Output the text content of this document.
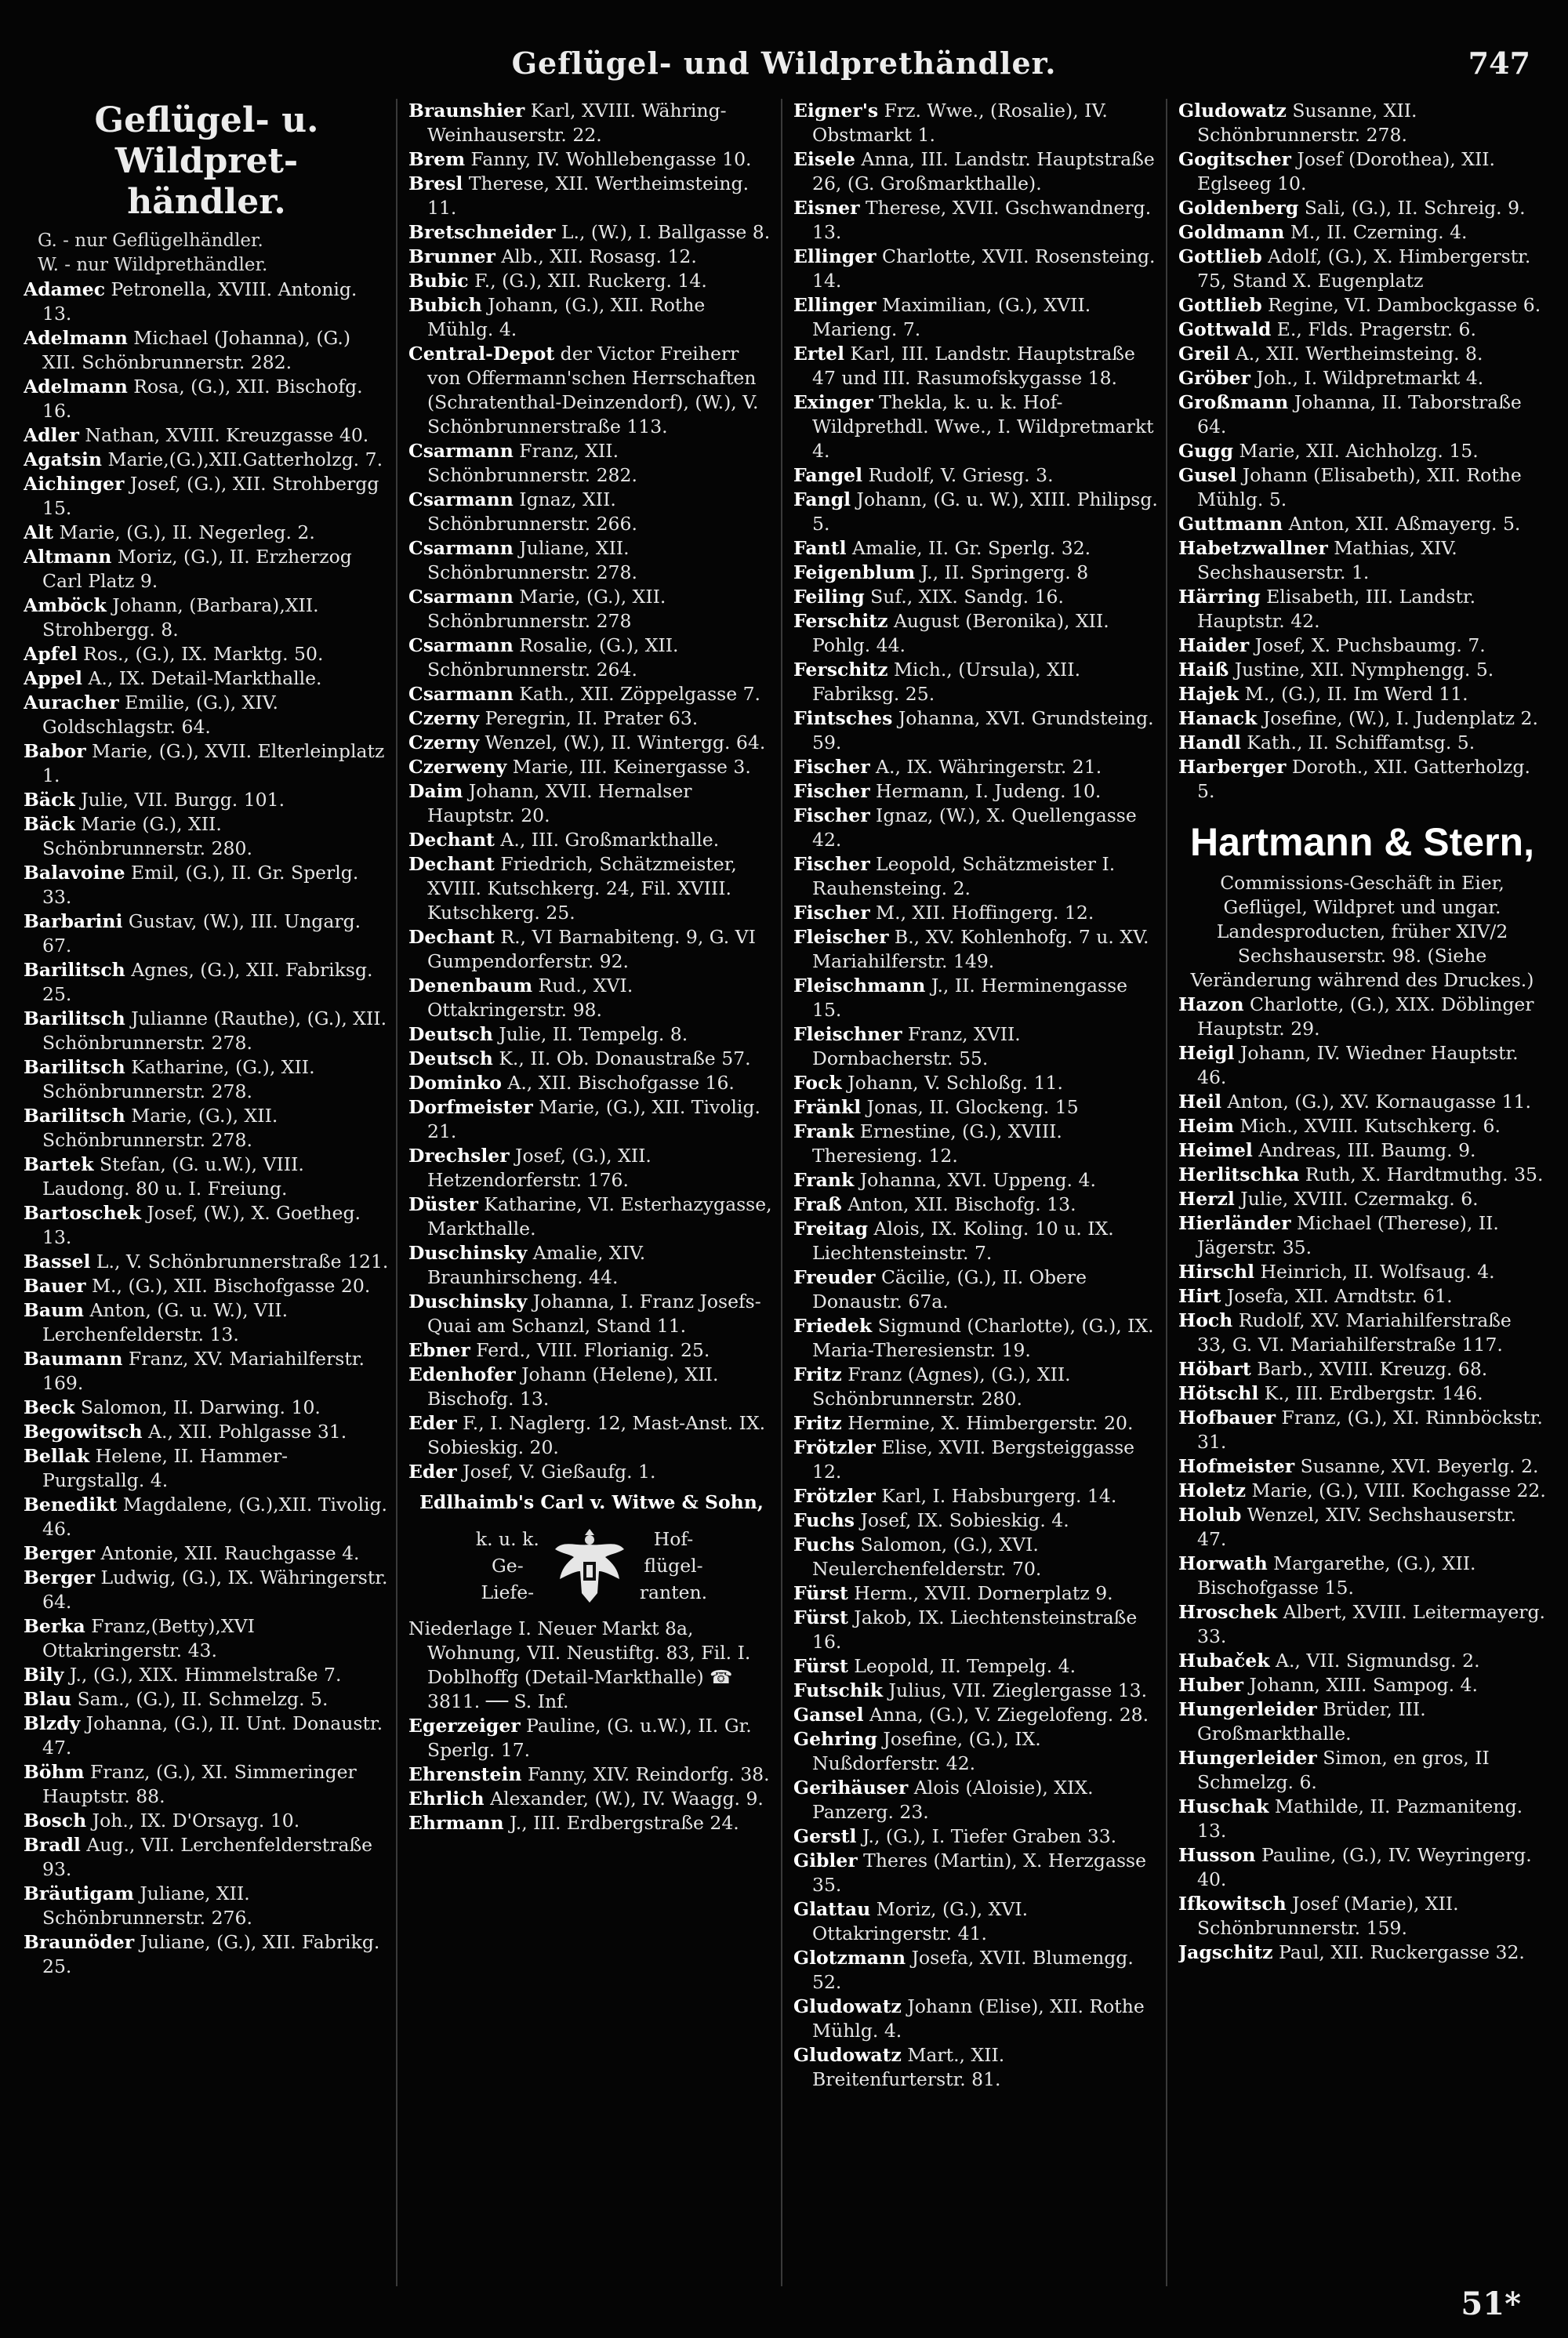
Geflügel- und Wildprethändler.	747
Geflügel- u. Wildpret-
händler.
G. - nur Geflügelhändler.
W. - nur Wildprethändler.

Adamec Petronella, XVIII. Antonig. 13.

Adelmann Michael (Johanna), (G.) XII. Schönbrunnerstr. 282.

Adelmann Rosa, (G.), XII. Bischofg. 16.

Adler Nathan, XVIII. Kreuzgasse 40.

Agatsin Marie,(G.),XII.Gatterholzg. 7.

Aichinger Josef, (G.), XII. Strohbergg 15.

Alt Marie, (G.), II. Negerleg. 2.

Altmann Moriz, (G.), II. Erzherzog Carl Platz 9.

Amböck Johann, (Barbara),XII. Strohbergg. 8.

Apfel Ros., (G.), IX. Marktg. 50.

Appel A., IX. Detail-Markthalle.

Auracher Emilie, (G.), XIV. Goldschlagstr. 64.

Babor Marie, (G.), XVII. Elterleinplatz 1.

Bäck Julie, VII. Burgg. 101.

Bäck Marie (G.), XII. Schönbrunnerstr. 280.

Balavoine Emil, (G.), II. Gr. Sperlg. 33.

Barbarini Gustav, (W.), III. Ungarg. 67.

Barilitsch Agnes, (G.), XII. Fabriksg. 25.

Barilitsch Julianne (Rauthe), (G.), XII. Schönbrunnerstr. 278.

Barilitsch Katharine, (G.), XII. Schönbrunnerstr. 278.

Barilitsch Marie, (G.), XII. Schönbrunnerstr. 278.

Bartek Stefan, (G. u.W.), VIII. Laudong. 80 u. I. Freiung.

Bartoschek Josef, (W.), X. Goetheg. 13.

Bassel L., V. Schönbrunnerstraße 121.

Bauer M., (G.), XII. Bischofgasse 20.

Baum Anton, (G. u. W.), VII. Lerchenfelderstr. 13.

Baumann Franz, XV. Mariahilferstr. 169.

Beck Salomon, II. Darwing. 10.

Begowitsch A., XII. Pohlgasse 31.

Bellak Helene, II. Hammer-Purgstallg. 4.

Benedikt Magdalene, (G.),XII. Tivolig. 46.

Berger Antonie, XII. Rauchgasse 4.

Berger Ludwig, (G.), IX. Währingerstr. 64.

Berka Franz,(Betty),XVI Ottakringerstr. 43.

Bily J., (G.), XIX. Himmelstraße 7.

Blau Sam., (G.), II. Schmelzg. 5.

Blzdy Johanna, (G.), II. Unt. Donaustr. 47.

Böhm Franz, (G.), XI. Simmeringer Hauptstr. 88.

Bosch Joh., IX. D'Orsayg. 10.

Bradl Aug., VII. Lerchenfelderstraße 93.

Bräutigam Juliane, XII. Schönbrunnerstr. 276.

Braunöder Juliane, (G.), XII. Fabrikg. 25.

Braunshier Karl, XVIII. Währing-Weinhauserstr. 22.

Brem Fanny, IV. Wohllebengasse 10.

Bresl Therese, XII. Wertheimsteing. 11.

Bretschneider L., (W.), I. Ballgasse 8.

Brunner Alb., XII. Rosasg. 12.

Bubic F., (G.), XII. Ruckerg. 14.

Bubich Johann, (G.), XII. Rothe Mühlg. 4.

Central-Depot der Victor Freiherr von Offermann'schen Herrschaften (Schratenthal-Deinzendorf), (W.), V. Schönbrunnerstraße 113.

Csarmann Franz, XII. Schönbrunnerstr. 282.

Csarmann Ignaz, XII. Schönbrunnerstr. 266.

Csarmann Juliane, XII. Schönbrunnerstr. 278.

Csarmann Marie, (G.), XII. Schönbrunnerstr. 278

Csarmann Rosalie, (G.), XII. Schönbrunnerstr. 264.

Csarmann Kath., XII. Zöppelgasse 7.

Czerny Peregrin, II. Prater 63.

Czerny Wenzel, (W.), II. Wintergg. 64.

Czerweny Marie, III. Keinergasse 3.

Daim Johann, XVII. Hernalser Hauptstr. 20.

Dechant A., III. Großmarkthalle.

Dechant Friedrich, Schätzmeister, XVIII. Kutschkerg. 24, Fil. XVIII. Kutschkerg. 25.

Dechant R., VI Barnabiteng. 9, G. VI Gumpendorferstr. 92.

Denenbaum Rud., XVI. Ottakringerstr. 98.

Deutsch Julie, II. Tempelg. 8.

Deutsch K., II. Ob. Donaustraße 57.

Dominko A., XII. Bischofgasse 16.

Dorfmeister Marie, (G.), XII. Tivolig. 21.

Drechsler Josef, (G.), XII. Hetzendorferstr. 176.

Düster Katharine, VI. Esterhazygasse, Markthalle.

Duschinsky Amalie, XIV. Braunhirscheng. 44.

Duschinsky Johanna, I. Franz Josefs-Quai am Schanzl, Stand 11.

Ebner Ferd., VIII. Florianig. 25.

Edenhofer Johann (Helene), XII. Bischofg. 13.

Eder F., I. Naglerg. 12, Mast-Anst. IX. Sobieskig. 20.

Eder Josef, V. Gießaufg. 1.

Edlhaimb's Carl v. Witwe & Sohn,
k. u. k.
Ge-
Liefe-
Hof-
flügel-
ranten.
Niederlage I. Neuer Markt 8a, Wohnung, VII. Neustiftg. 83, Fil. I. Doblhoffg (Detail-Markthalle) ☎ 3811. ── S. Inf.

Egerzeiger Pauline, (G. u.W.), II. Gr. Sperlg. 17.

Ehrenstein Fanny, XIV. Reindorfg. 38.

Ehrlich Alexander, (W.), IV. Waagg. 9.

Ehrmann J., III. Erdbergstraße 24.

Eigner's Frz. Wwe., (Rosalie), IV. Obstmarkt 1.

Eisele Anna, III. Landstr. Hauptstraße 26, (G. Großmarkthalle).

Eisner Therese, XVII. Gschwandnerg. 13.

Ellinger Charlotte, XVII. Rosensteing. 14.

Ellinger Maximilian, (G.), XVII. Marieng. 7.

Ertel Karl, III. Landstr. Hauptstraße 47 und III. Rasumofskygasse 18.

Exinger Thekla, k. u. k. Hof-Wildprethdl. Wwe., I. Wildpretmarkt 4.

Fangel Rudolf, V. Griesg. 3.

Fangl Johann, (G. u. W.), XIII. Philipsg. 5.

Fantl Amalie, II. Gr. Sperlg. 32.

Feigenblum J., II. Springerg. 8

Feiling Suf., XIX. Sandg. 16.

Ferschitz August (Beronika), XII. Pohlg. 44.

Ferschitz Mich., (Ursula), XII. Fabriksg. 25.

Fintsches Johanna, XVI. Grundsteing. 59.

Fischer A., IX. Währingerstr. 21.

Fischer Hermann, I. Judeng. 10.

Fischer Ignaz, (W.), X. Quellengasse 42.

Fischer Leopold, Schätzmeister I. Rauhensteing. 2.

Fischer M., XII. Hoffingerg. 12.

Fleischer B., XV. Kohlenhofg. 7 u. XV. Mariahilferstr. 149.

Fleischmann J., II. Herminengasse 15.

Fleischner Franz, XVII. Dornbacherstr. 55.

Fock Johann, V. Schloßg. 11.

Fränkl Jonas, II. Glockeng. 15

Frank Ernestine, (G.), XVIII. Theresieng. 12.

Frank Johanna, XVI. Uppeng. 4.

Fraß Anton, XII. Bischofg. 13.

Freitag Alois, IX. Koling. 10 u. IX. Liechtensteinstr. 7.

Freuder Cäcilie, (G.), II. Obere Donaustr. 67a.

Friedek Sigmund (Charlotte), (G.), IX. Maria-Theresienstr. 19.

Fritz Franz (Agnes), (G.), XII. Schönbrunnerstr. 280.

Fritz Hermine, X. Himbergerstr. 20.

Frötzler Elise, XVII. Bergsteiggasse 12.

Frötzler Karl, I. Habsburgerg. 14.

Fuchs Josef, IX. Sobieskig. 4.

Fuchs Salomon, (G.), XVI. Neulerchenfelderstr. 70.

Fürst Herm., XVII. Dornerplatz 9.

Fürst Jakob, IX. Liechtensteinstraße 16.

Fürst Leopold, II. Tempelg. 4.

Futschik Julius, VII. Zieglergasse 13.

Gansel Anna, (G.), V. Ziegelofeng. 28.

Gehring Josefine, (G.), IX. Nußdorferstr. 42.

Gerihäuser Alois (Aloisie), XIX. Panzerg. 23.

Gerstl J., (G.), I. Tiefer Graben 33.

Gibler Theres (Martin), X. Herzgasse 35.

Glattau Moriz, (G.), XVI. Ottakringerstr. 41.

Glotzmann Josefa, XVII. Blumengg. 52.

Gludowatz Johann (Elise), XII. Rothe Mühlg. 4.

Gludowatz Mart., XII. Breitenfurterstr. 81.

Gludowatz Susanne, XII. Schönbrunnerstr. 278.

Gogitscher Josef (Dorothea), XII. Eglseeg 10.

Goldenberg Sali, (G.), II. Schreig. 9.

Goldmann M., II. Czerning. 4.

Gottlieb Adolf, (G.), X. Himbergerstr. 75, Stand X. Eugenplatz

Gottlieb Regine, VI. Dambockgasse 6.

Gottwald E., Flds. Pragerstr. 6.

Greil A., XII. Wertheimsteing. 8.

Gröber Joh., I. Wildpretmarkt 4.

Großmann Johanna, II. Taborstraße 64.

Gugg Marie, XII. Aichholzg. 15.

Gusel Johann (Elisabeth), XII. Rothe Mühlg. 5.

Guttmann Anton, XII. Aßmayerg. 5.

Habetzwallner Mathias, XIV. Sechshauserstr. 1.

Härring Elisabeth, III. Landstr. Hauptstr. 42.

Haider Josef, X. Puchsbaumg. 7.

Haiß Justine, XII. Nymphengg. 5.

Hajek M., (G.), II. Im Werd 11.

Hanack Josefine, (W.), I. Judenplatz 2.

Handl Kath., II. Schiffamtsg. 5.

Harberger Doroth., XII. Gatterholzg. 5.

Hartmann & Stern,
Commissions-Geschäft in Eier, Geflügel, Wildpret und ungar. Landesproducten, früher XIV/2 Sechshauserstr. 98. (Siehe Veränderung während des Druckes.)

Hazon Charlotte, (G.), XIX. Döblinger Hauptstr. 29.

Heigl Johann, IV. Wiedner Hauptstr. 46.

Heil Anton, (G.), XV. Kornaugasse 11.

Heim Mich., XVIII. Kutschkerg. 6.

Heimel Andreas, III. Baumg. 9.

Herlitschka Ruth, X. Hardtmuthg. 35.

Herzl Julie, XVIII. Czermakg. 6.

Hierländer Michael (Therese), II. Jägerstr. 35.

Hirschl Heinrich, II. Wolfsaug. 4.

Hirt Josefa, XII. Arndtstr. 61.

Hoch Rudolf, XV. Mariahilferstraße 33, G. VI. Mariahilferstraße 117.

Höbart Barb., XVIII. Kreuzg. 68.

Hötschl K., III. Erdbergstr. 146.

Hofbauer Franz, (G.), XI. Rinnböckstr. 31.

Hofmeister Susanne, XVI. Beyerlg. 2.

Holetz Marie, (G.), VIII. Kochgasse 22.

Holub Wenzel, XIV. Sechshauserstr. 47.

Horwath Margarethe, (G.), XII. Bischofgasse 15.

Hroschek Albert, XVIII. Leitermayerg. 33.

Hubaček A., VII. Sigmundsg. 2.

Huber Johann, XIII. Sampog. 4.

Hungerleider Brüder, III. Großmarkthalle.

Hungerleider Simon, en gros, II Schmelzg. 6.

Huschak Mathilde, II. Pazmaniteng. 13.

Husson Pauline, (G.), IV. Weyringerg. 40.

Ifkowitsch Josef (Marie), XII. Schönbrunnerstr. 159.

Jagschitz Paul, XII. Ruckergasse 32.

51*
